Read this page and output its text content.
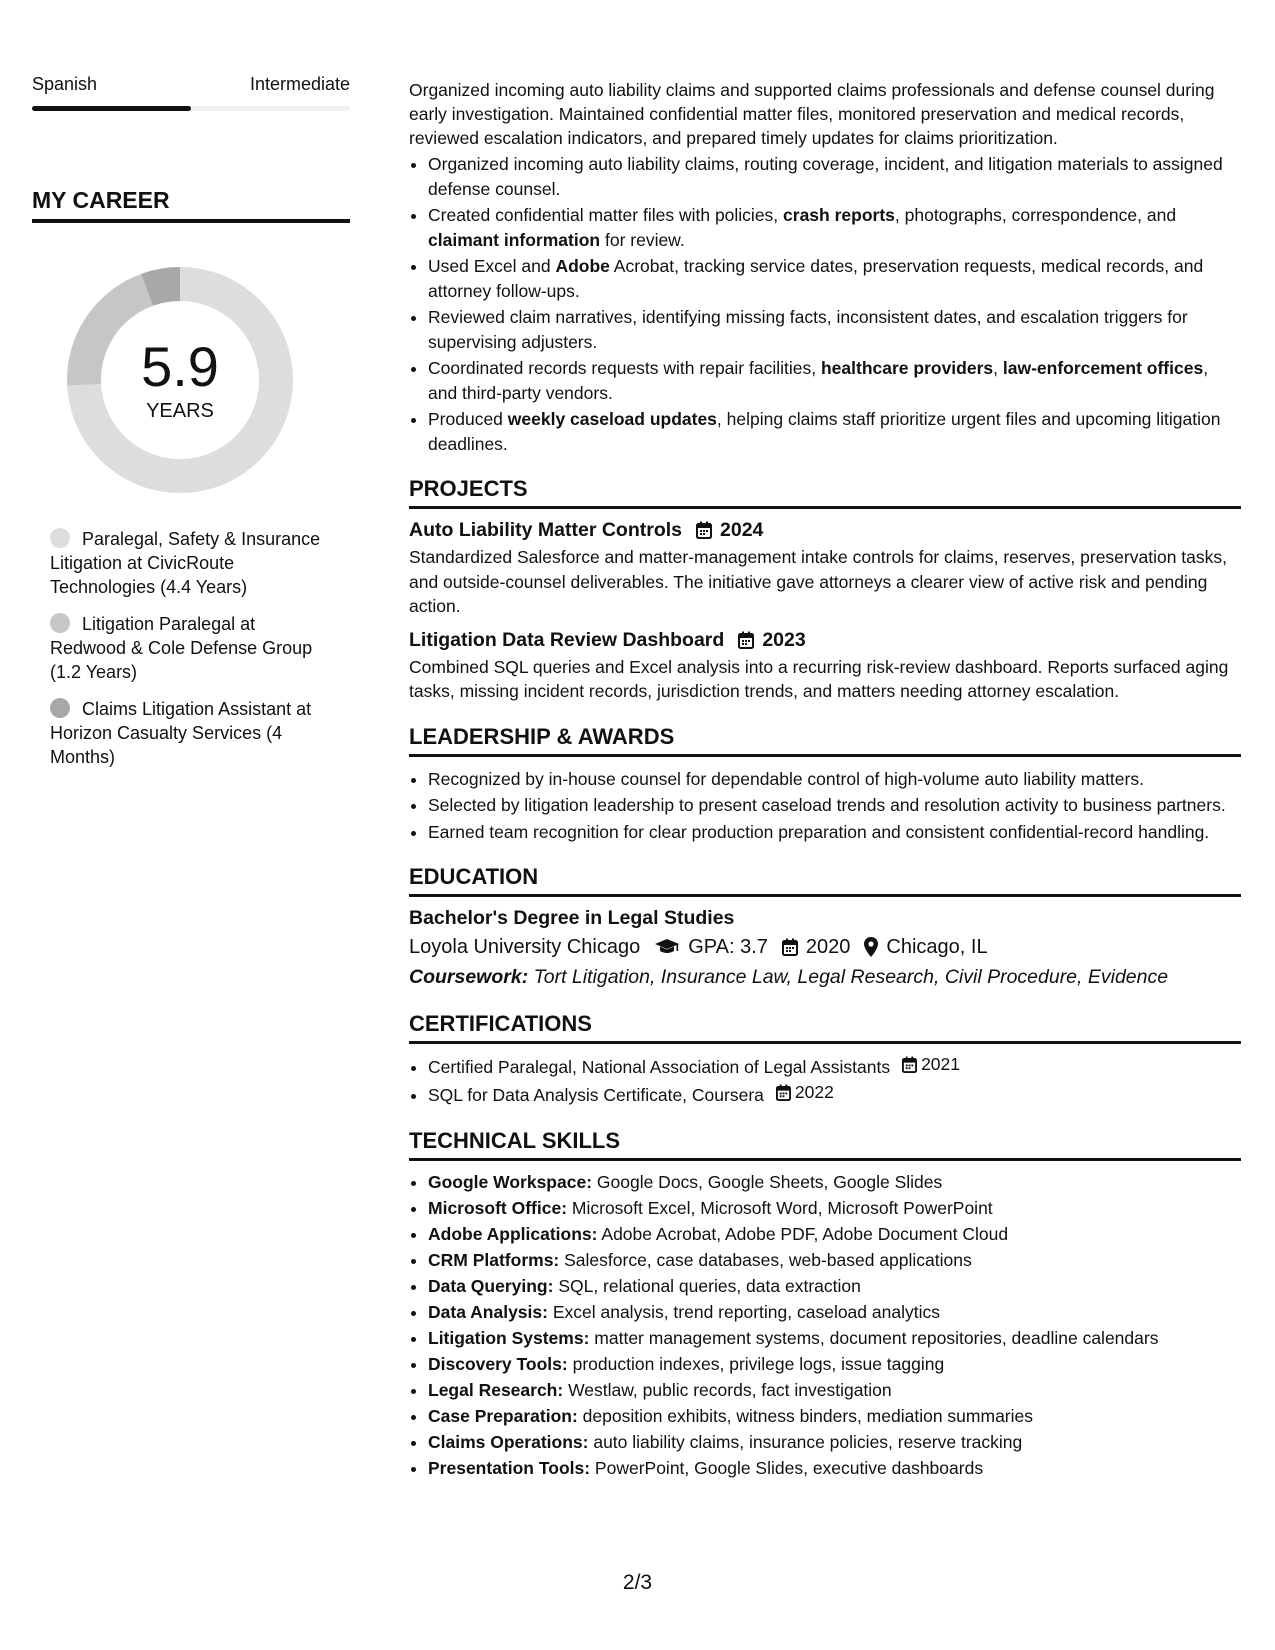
Spanish	Intermediate
MY CAREER
5.9
YEARS
Paralegal, Safety & Insurance Litigation at CivicRoute Technologies (4.4 Years)
Litigation Paralegal at Redwood & Cole Defense Group (1.2 Years)
Claims Litigation Assistant at Horizon Casualty Services (4 Months)

Organized incoming auto liability claims and supported claims professionals and defense counsel during early investigation. Maintained confidential matter files, monitored preservation and medical records, reviewed escalation indicators, and prepared timely updates for claims prioritization.

• Organized incoming auto liability claims, routing coverage, incident, and litigation materials to assigned defense counsel.
• Created confidential matter files with policies, crash reports, photographs, correspondence, and claimant information for review.
• Used Excel and Adobe Acrobat, tracking service dates, preservation requests, medical records, and attorney follow-ups.
• Reviewed claim narratives, identifying missing facts, inconsistent dates, and escalation triggers for supervising adjusters.
• Coordinated records requests with repair facilities, healthcare providers, law-enforcement offices, and third-party vendors.
• Produced weekly caseload updates, helping claims staff prioritize urgent files and upcoming litigation deadlines.
PROJECTS
Auto Liability Matter Controls 2024

Standardized Salesforce and matter-management intake controls for claims, reserves, preservation tasks, and outside-counsel deliverables. The initiative gave attorneys a clearer view of active risk and pending action.

Litigation Data Review Dashboard 2023

Combined SQL queries and Excel analysis into a recurring risk-review dashboard. Reports surfaced aging tasks, missing incident records, jurisdiction trends, and matters needing attorney escalation.

LEADERSHIP & AWARDS
• Recognized by in-house counsel for dependable control of high-volume auto liability matters.
• Selected by litigation leadership to present caseload trends and resolution activity to business partners.
• Earned team recognition for clear production preparation and consistent confidential-record handling.
EDUCATION
Bachelor's Degree in Legal Studies
Loyola University Chicago GPA: 3.7 2020 Chicago, IL
Coursework: Tort Litigation, Insurance Law, Legal Research, Civil Procedure, Evidence
CERTIFICATIONS
• Certified Paralegal, National Association of Legal Assistants 2021
• SQL for Data Analysis Certificate, Coursera 2022
TECHNICAL SKILLS
• Google Workspace: Google Docs, Google Sheets, Google Slides
• Microsoft Office: Microsoft Excel, Microsoft Word, Microsoft PowerPoint
• Adobe Applications: Adobe Acrobat, Adobe PDF, Adobe Document Cloud
• CRM Platforms: Salesforce, case databases, web-based applications
• Data Querying: SQL, relational queries, data extraction
• Data Analysis: Excel analysis, trend reporting, caseload analytics
• Litigation Systems: matter management systems, document repositories, deadline calendars
• Discovery Tools: production indexes, privilege logs, issue tagging
• Legal Research: Westlaw, public records, fact investigation
• Case Preparation: deposition exhibits, witness binders, mediation summaries
• Claims Operations: auto liability claims, insurance policies, reserve tracking
• Presentation Tools: PowerPoint, Google Slides, executive dashboards
2/3
